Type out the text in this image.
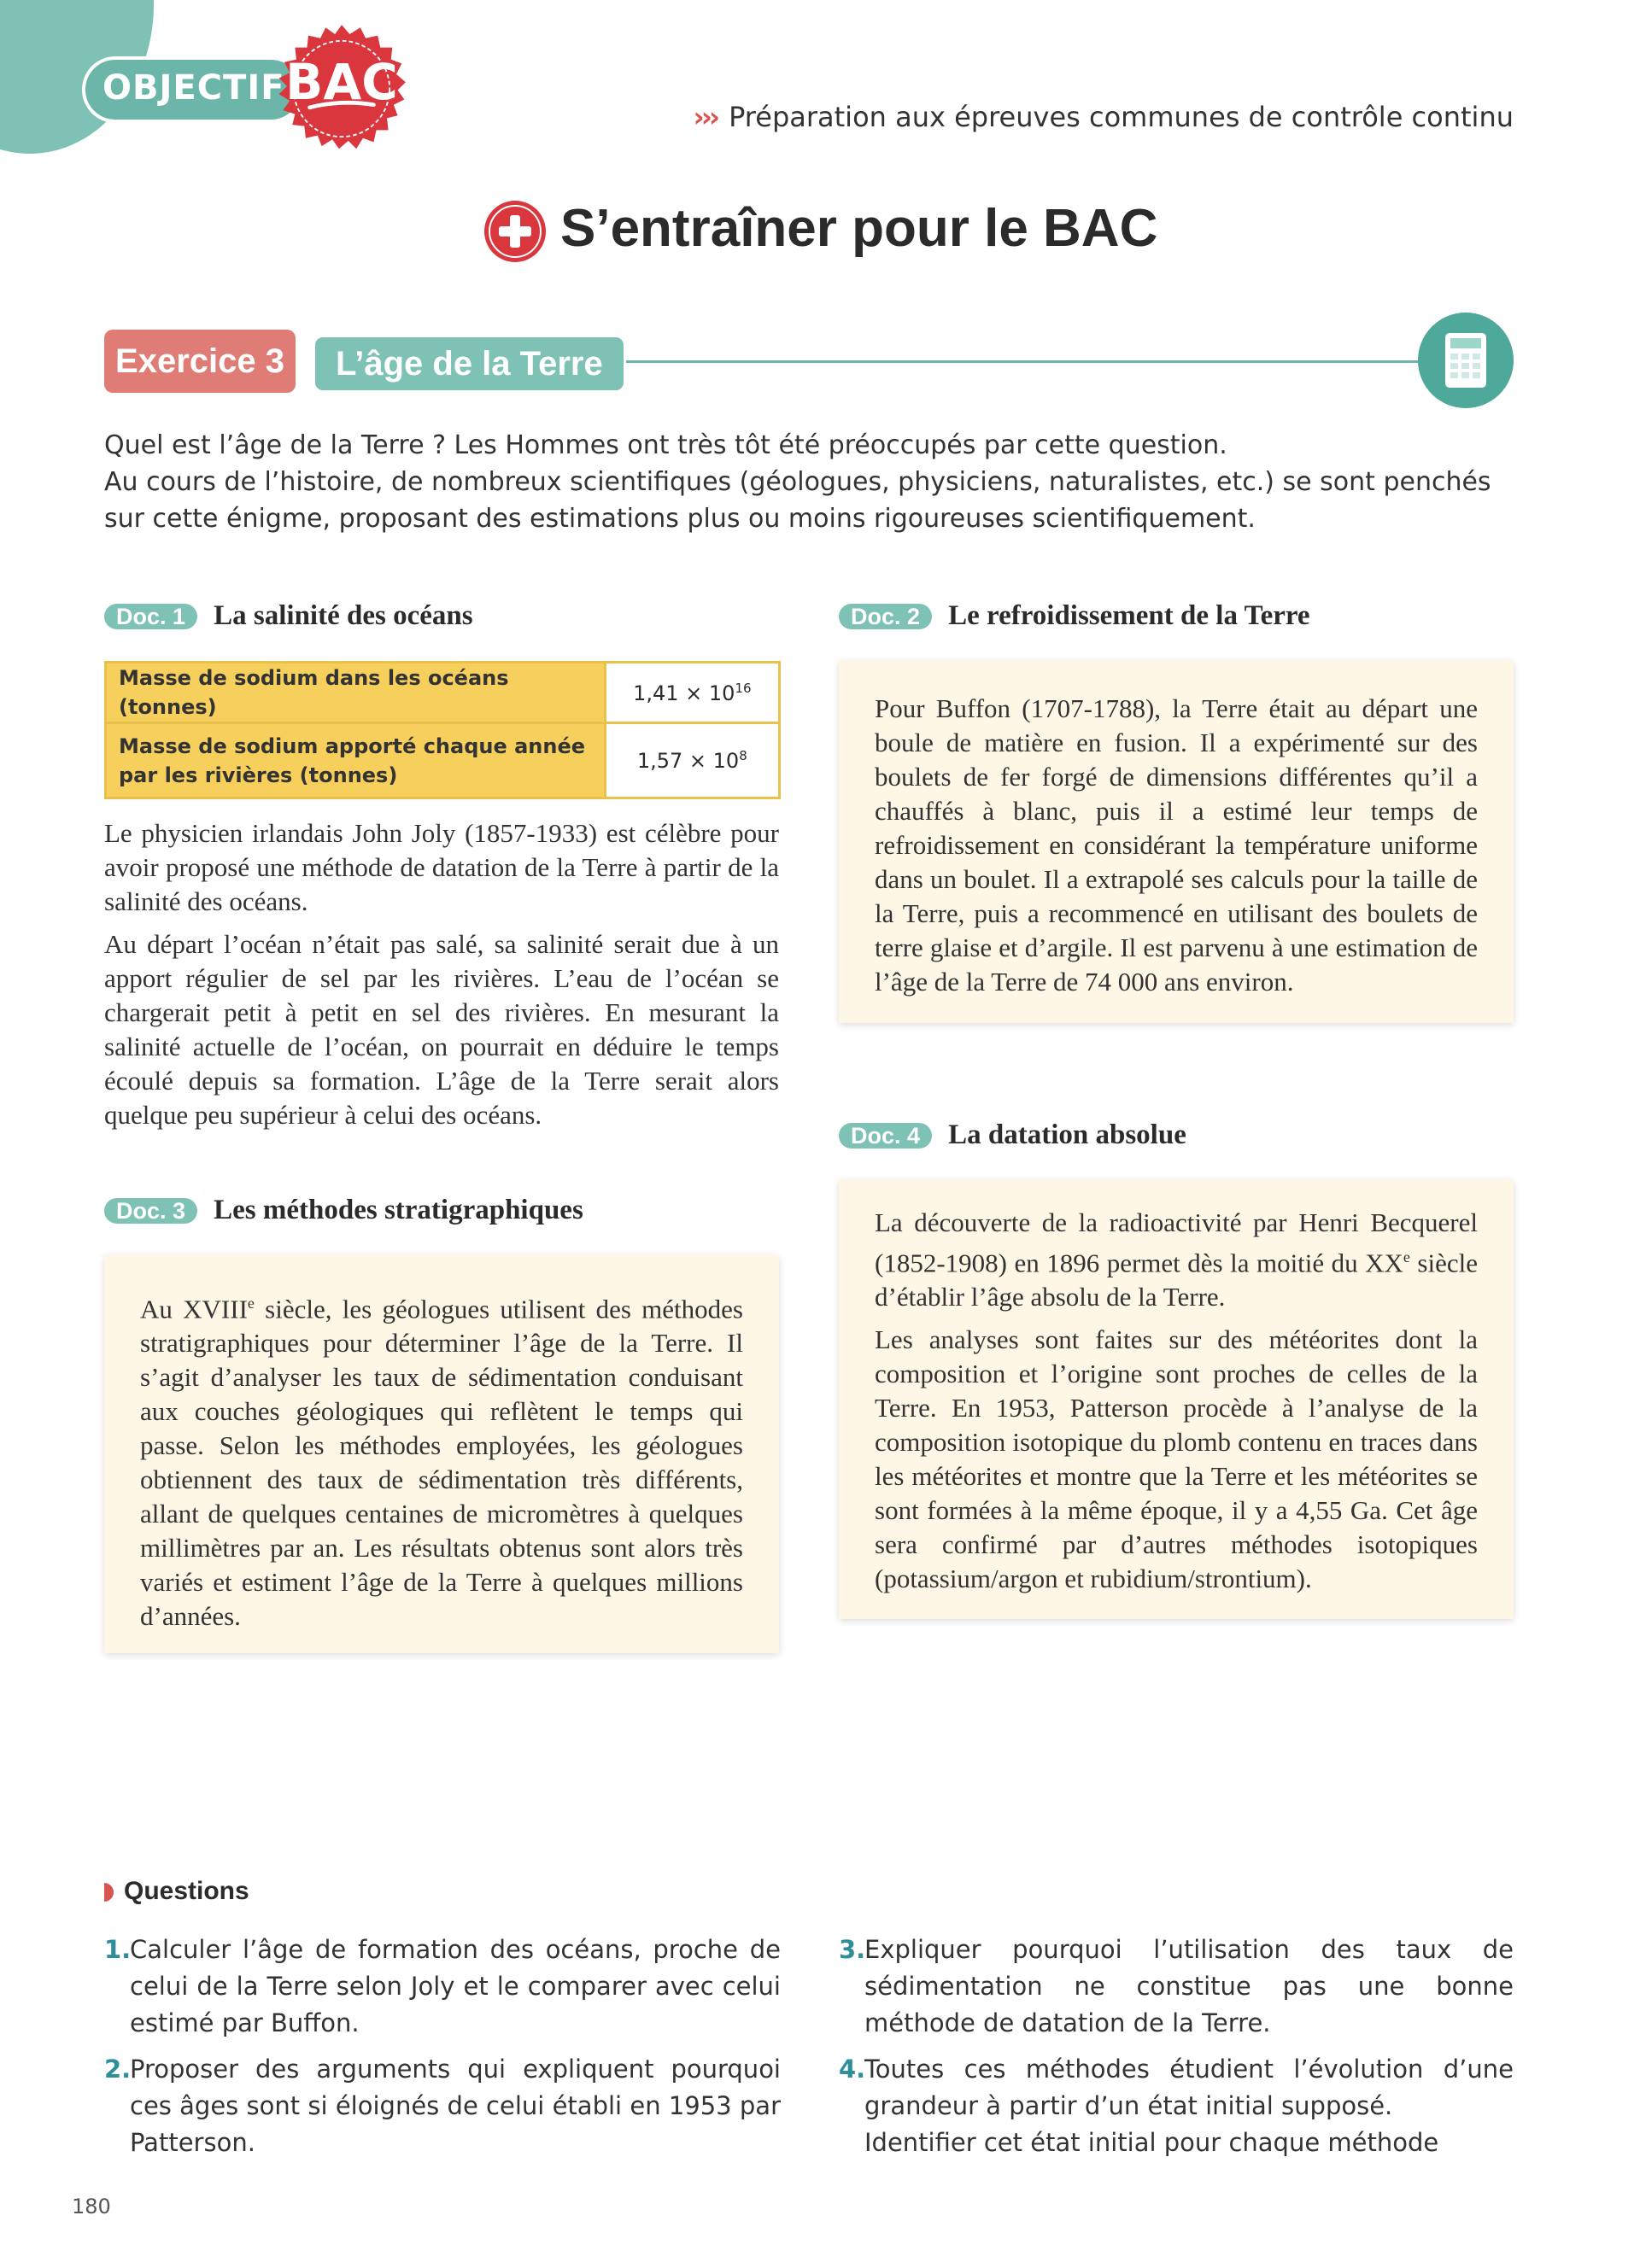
OBJECTIF BAC
››› Préparation aux épreuves communes de contrôle continu
S’entraîner pour le BAC
Exercice 3	L’âge de la Terre
Quel est l’âge de la Terre ? Les Hommes ont très tôt été préoccupés par cette question.
Au cours de l’histoire, de nombreux scientifiques (géologues, physiciens, naturalistes, etc.) se sont penchés sur cette énigme, proposant des estimations plus ou moins rigoureuses scientifiquement.
Doc. 1 La salinité des océans
Masse de sodium dans les océans (tonnes)	$1,41 \times 10^{16}$
Masse de sodium apporté chaque année par les rivières (tonnes)	$1,57 \times 10^8$

Le physicien irlandais John Joly (1857-1933) est célèbre pour avoir proposé une méthode de datation de la Terre à partir de la salinité des océans.

Au départ l’océan n’était pas salé, sa salinité serait due à un apport régulier de sel par les rivières. L’eau de l’océan se chargerait petit à petit en sel des rivières. En mesurant la salinité actuelle de l’océan, on pourrait en déduire le temps écoulé depuis sa formation. L’âge de la Terre serait alors quelque peu supérieur à celui des océans.

Doc. 2 Le refroidissement de la Terre
Pour Buffon (1707-1788), la Terre était au départ une boule de matière en fusion. Il a expérimenté sur des boulets de fer forgé de dimensions différentes qu’il a chauffés à blanc, puis il a estimé leur temps de refroidissement en considérant la température uniforme dans un boulet. Il a extrapolé ses calculs pour la taille de la Terre, puis a recommencé en utilisant des boulets de terre glaise et d’argile. Il est parvenu à une estimation de l’âge de la Terre de 74 000 ans environ.
Doc. 3 Les méthodes stratigraphiques
Au XVIIIe siècle, les géologues utilisent des méthodes stratigraphiques pour déterminer l’âge de la Terre. Il s’agit d’analyser les taux de sédimentation conduisant aux couches géologiques qui reflètent le temps qui passe. Selon les méthodes employées, les géologues obtiennent des taux de sédimentation très différents, allant de quelques centaines de micromètres à quelques millimètres par an. Les résultats obtenus sont alors très variés et estiment l’âge de la Terre à quelques millions d’années.
Doc. 4 La datation absolue

La découverte de la radioactivité par Henri Becquerel (1852-1908) en 1896 permet dès la moitié du XXe siècle d’établir l’âge absolu de la Terre.

Les analyses sont faites sur des météorites dont la composition et l’origine sont proches de celles de la Terre. En 1953, Patterson procède à l’analyse de la composition isotopique du plomb contenu en traces dans les météorites et montre que la Terre et les météorites se sont formées à la même époque, il y a 4,55 Ga. Cet âge sera confirmé par d’autres méthodes isotopiques (potassium/argon et rubidium/strontium).

Questions
1.
Calculer l’âge de formation des océans, proche de celui de la Terre selon Joly et le comparer avec celui estimé par Buffon.
2.
Proposer des arguments qui expliquent pourquoi ces âges sont si éloignés de celui établi en 1953 par Patterson.
3.
Expliquer pourquoi l’utilisation des taux de sédimentation ne constitue pas une bonne méthode de datation de la Terre.
4.
Toutes ces méthodes étudient l’évolution d’une grandeur à partir d’un état initial supposé.
Identifier cet état initial pour chaque méthode
180
